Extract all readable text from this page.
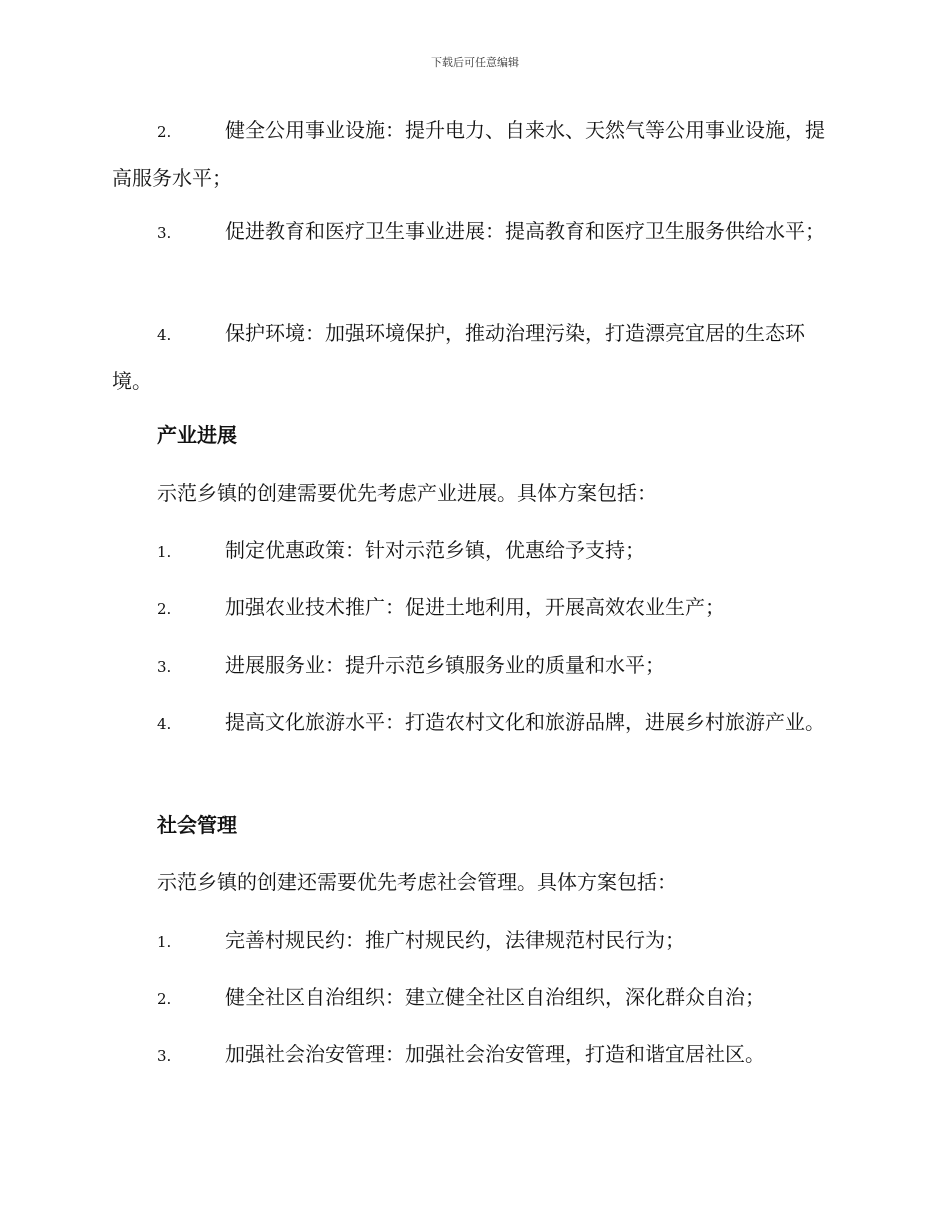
下载后可任意编辑
2.	健全公用事业设施：提升电力、自来水、天然气等公用事业设施，提高服务水平；
3.	促进教育和医疗卫生事业进展：提高教育和医疗卫生服务供给水平；
4.	保护环境：加强环境保护，推动治理污染，打造漂亮宜居的生态环境。
产业进展
示范乡镇的创建需要优先考虑产业进展。具体方案包括：
1.	制定优惠政策：针对示范乡镇，优惠给予支持；
2.	加强农业技术推广：促进土地利用，开展高效农业生产；
3.	进展服务业：提升示范乡镇服务业的质量和水平；
4.	提高文化旅游水平：打造农村文化和旅游品牌，进展乡村旅游产业。
社会管理
示范乡镇的创建还需要优先考虑社会管理。具体方案包括：
1.	完善村规民约：推广村规民约，法律规范村民行为；
2.	健全社区自治组织：建立健全社区自治组织，深化群众自治；
3.	加强社会治安管理：加强社会治安管理，打造和谐宜居社区。
